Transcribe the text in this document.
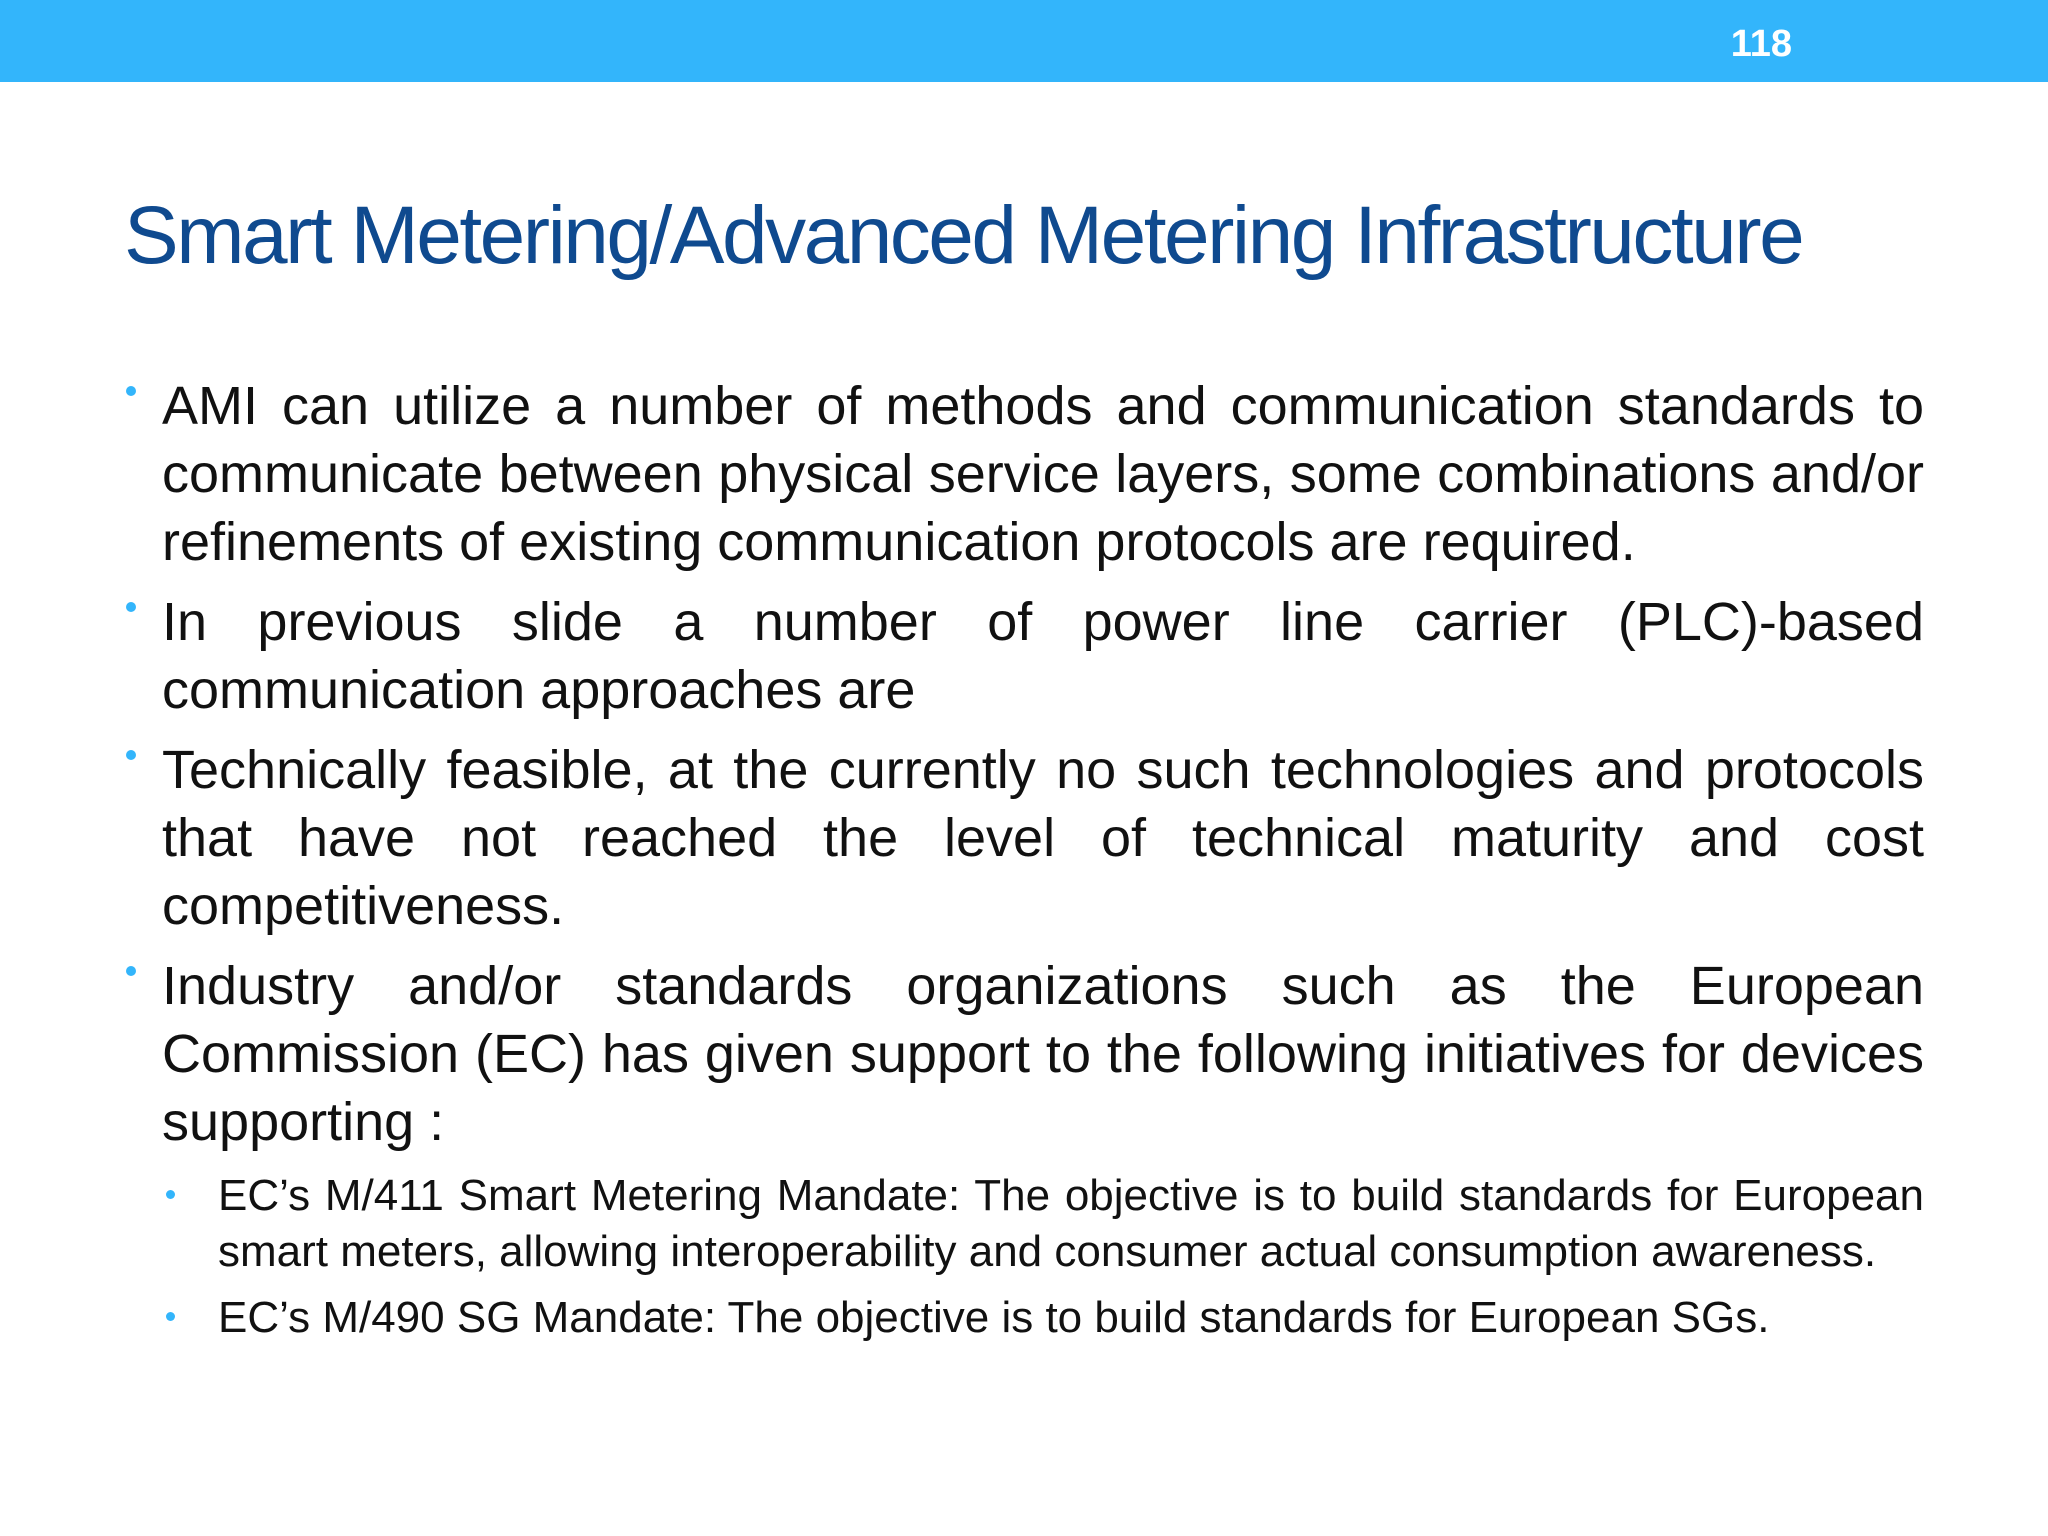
118
Smart Metering/Advanced Metering Infrastructure
AMI can utilize a number of methods and communication standards to communicate between physical service layers, some combinations and/or refinements of existing communication protocols are required.
In previous slide a number of power line carrier (PLC)-based communication approaches are
Technically feasible, at the currently no such technologies and protocols that have not reached the level of technical maturity and cost competitiveness.
Industry and/or standards organizations such as the European Commission (EC) has given support to the following initiatives for devices supporting :
EC’s M/411 Smart Metering Mandate: The objective is to build standards for European smart meters, allowing interoperability and consumer actual consumption awareness.
EC’s M/490 SG Mandate: The objective is to build standards for European SGs.
